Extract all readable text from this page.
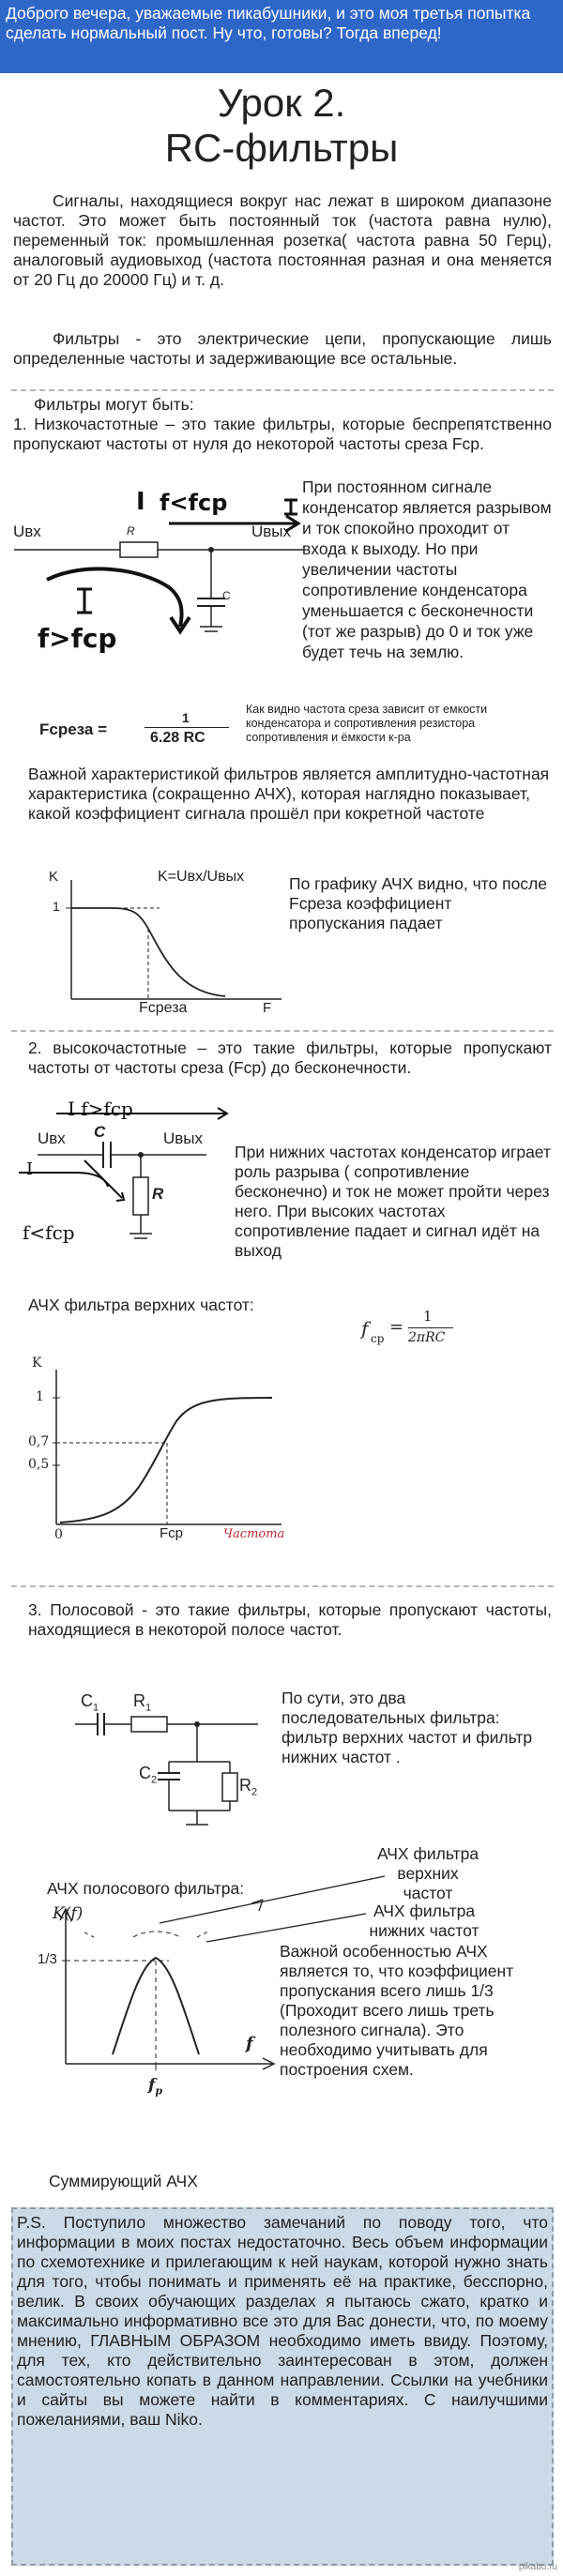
Доброго вечера, уважаемые пикабушники, и это моя третья попытка сделать нормальный пост. Ну что, готовы? Тогда вперед!

Урок 2.
RC-фильтры
Сигналы, находящиеся вокруг нас лежат в широком диапазоне частот. Это может быть постоянный ток (частота равна нулю), переменный ток: промышленная розетка( частота равна 50 Герц), аналоговый аудиовыход (частота постоянная разная и она меняется от 20 Гц до 20000 Гц) и т. д.
Фильтры - это электрические цепи, пропускающие лишь определенные частоты и задерживающие все остальные.
Фильтры могут быть:
1. Низкочастотные – это такие фильтры, которые беспрепятственно пропускают частоты от нуля до некоторой частоты среза Fср.
Uвх	Uвых
R
C
f<fcp
I
f>fcp
При постоянном сигнале конденсатор является разрывом и ток спокойно проходит от входа к выходу. Но при увеличении частоты сопротивление конденсатора уменьшается с бесконечности (тот же разрыв) до 0 и ток уже будет течь на землю.
Fсреза =
1
6.28 RC
Как видно частота среза зависит от емкости конденсатора и сопротивления резистора сопротивления и ёмкости к-ра
Важной характеристикой фильтров является амплитудно-частотная характеристика (сокращенно АЧХ), которая наглядно показывает, какой коэффициент сигнала прошёл при кокретной частоте
K	K=Uвх/Uвых
1
F
Fсреза
По графику АЧХ видно, что после Fсреза коэффициент пропускания падает
2. высокочастотные – это такие фильтры, которые пропускают частоты от частоты среза (Fср) до бесконечности.
I f>fcp
Uвх	Uвых
C
R
I
f<fcp
При нижних частотах конденсатор играет роль разрыва ( сопротивление бесконечно) и ток не может пройти через него. При высоких частотах сопротивление падает и сигнал идёт на выход
АЧХ фильтра верхних частот:
f ср
=
1
2πRC
K
1
0,7
0,5
0	Fср	Частота
3. Полосовой - это такие фильтры, которые пропускают частоты, находящиеся в некоторой полосе частот.
$C_1$ $R_1$
$C_2$	$R_2$
По сути, это два последовательных фильтра: фильтр верхних частот и фильтр нижних частот .
АЧХ полосового фильтра:
АЧХ фильтра верхних частот
АЧХ фильтра нижних частот
K(f)
1/3
f
$f_p$
Важной особенностью АЧХ является то, что коэффициент пропускания всего лишь 1/3 (Проходит всего лишь треть полезного сигнала). Это необходимо учитывать для построения схем.
Суммирующий АЧХ

P.S. Поступило множество замечаний по поводу того, что информации в моих постах недостаточно. Весь объем информации по схемотехнике и прилегающим к ней наукам, которой нужно знать для того, чтобы понимать и применять её на практике, бесспорно, велик. В своих обучающих разделах я пытаюсь сжато, кратко и максимально информативно все это для Вас донести, что, по моему мнению, ГЛАВНЫМ ОБРАЗОМ необходимо иметь ввиду. Поэтому, для тех, кто действительно заинтересован в этом, должен самостоятельно копать в данном направлении. Ссылки на учебники и сайты вы можете найти в комментариях. С наилучшими пожеланиями, ваш Niko.

pikabu.ru
